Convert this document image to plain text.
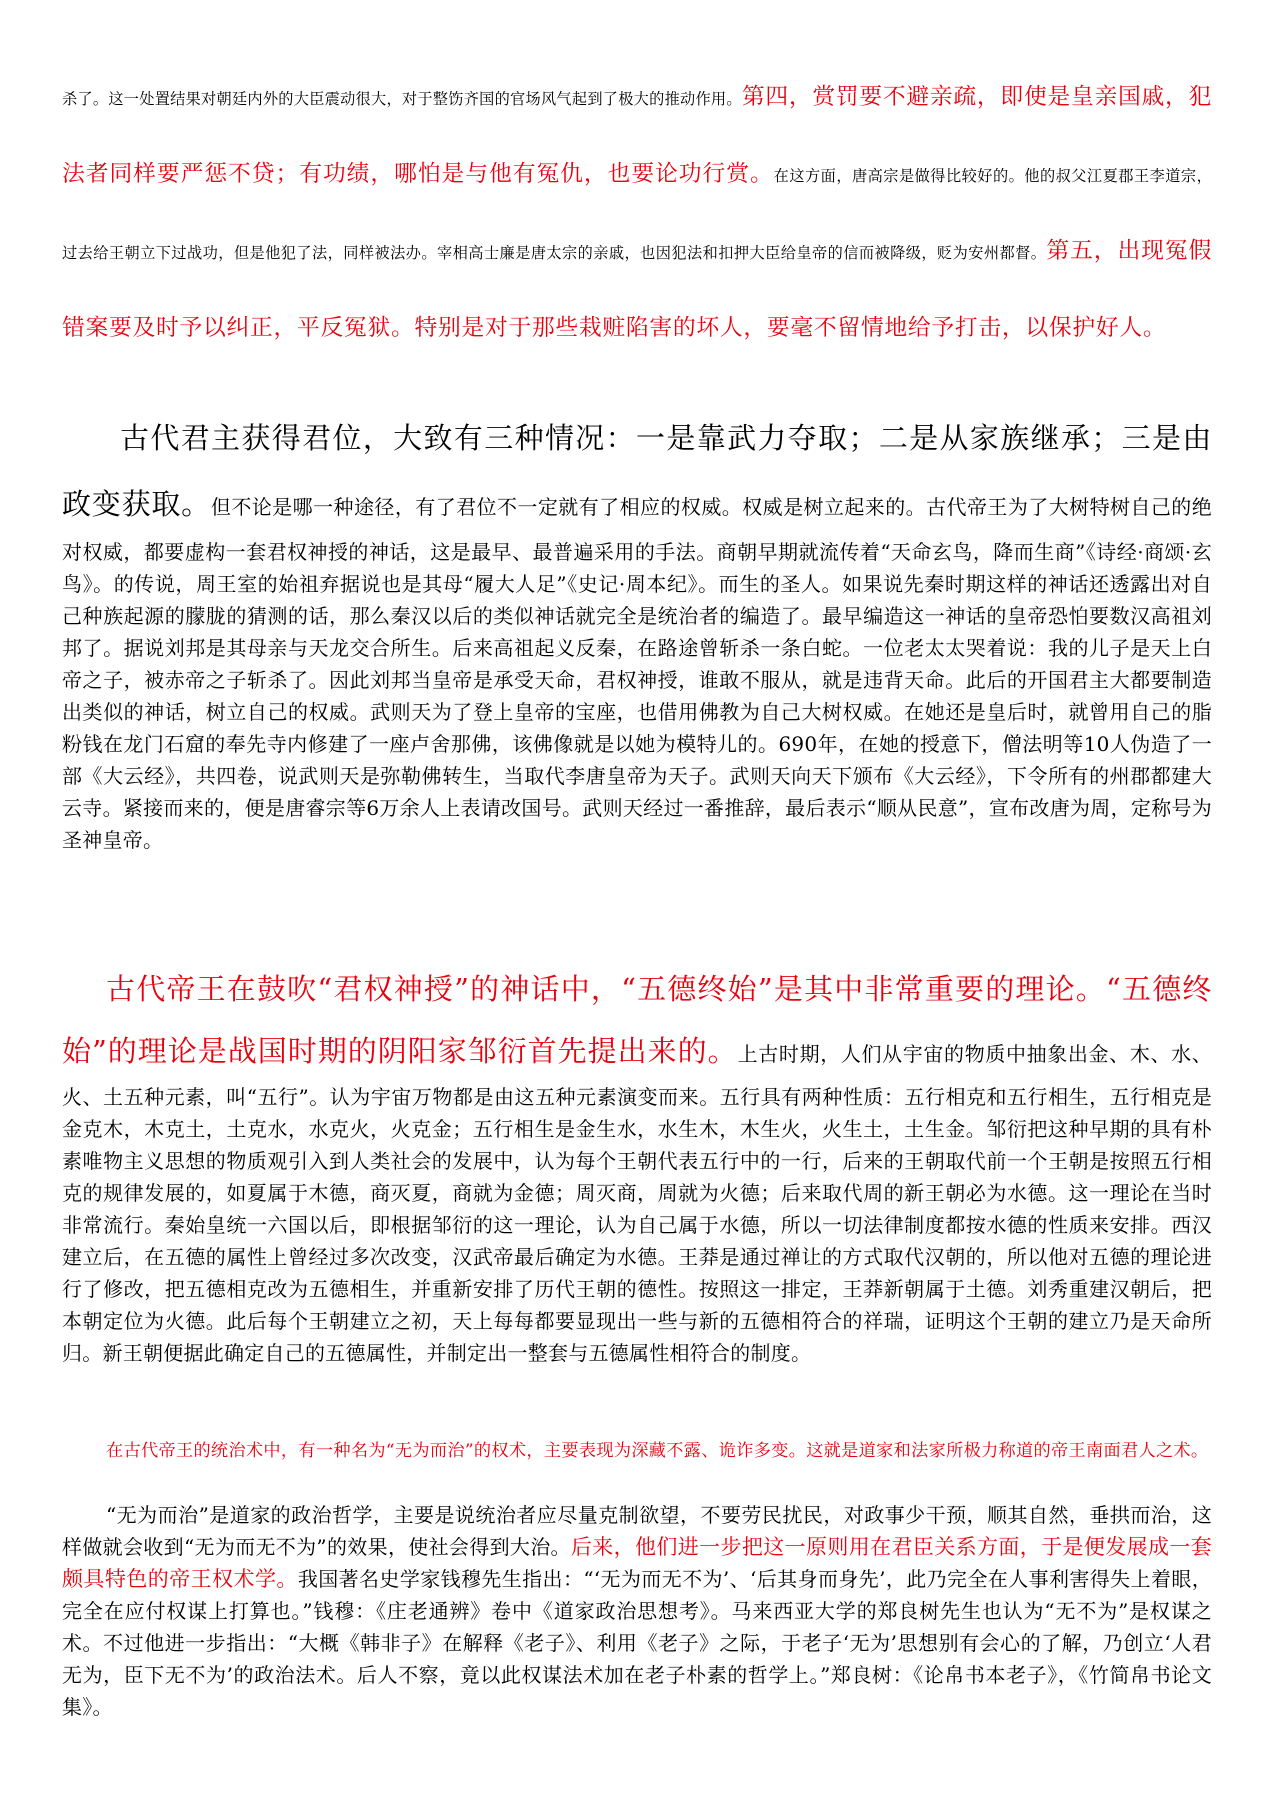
杀了。这一处置结果对朝廷内外的大臣震动很大，对于整饬齐国的官场风气起到了极大的推动作用。第四，赏罚要不避亲疏，即使是皇亲国戚，犯法者同样要严惩不贷；有功绩，哪怕是与他有冤仇，也要论功行赏。在这方面，唐高宗是做得比较好的。他的叔父江夏郡王李道宗，过去给王朝立下过战功，但是他犯了法，同样被法办。宰相高士廉是唐太宗的亲戚，也因犯法和扣押大臣给皇帝的信而被降级，贬为安州都督。第五，出现冤假错案要及时予以纠正，平反冤狱。特别是对于那些栽赃陷害的坏人，要毫不留情地给予打击，以保护好人。

古代君主获得君位，大致有三种情况：一是靠武力夺取；二是从家族继承；三是由政变获取。但不论是哪一种途径，有了君位不一定就有了相应的权威。权威是树立起来的。古代帝王为了大树特树自己的绝对权威，都要虚构一套君权神授的神话，这是最早、最普遍采用的手法。商朝早期就流传着“天命玄鸟，降而生商”《诗经·商颂·玄鸟》。的传说，周王室的始祖弃据说也是其母“履大人足”《史记·周本纪》。而生的圣人。如果说先秦时期这样的神话还透露出对自己种族起源的朦胧的猜测的话，那么秦汉以后的类似神话就完全是统治者的编造了。最早编造这一神话的皇帝恐怕要数汉高祖刘邦了。据说刘邦是其母亲与天龙交合所生。后来高祖起义反秦，在路途曾斩杀一条白蛇。一位老太太哭着说：我的儿子是天上白帝之子，被赤帝之子斩杀了。因此刘邦当皇帝是承受天命，君权神授，谁敢不服从，就是违背天命。此后的开国君主大都要制造出类似的神话，树立自己的权威。武则天为了登上皇帝的宝座，也借用佛教为自己大树权威。在她还是皇后时，就曾用自己的脂粉钱在龙门石窟的奉先寺内修建了一座卢舍那佛，该佛像就是以她为模特儿的。690年，在她的授意下，僧法明等10人伪造了一部《大云经》，共四卷，说武则天是弥勒佛转生，当取代李唐皇帝为天子。武则天向天下颁布《大云经》，下令所有的州郡都建大云寺。紧接而来的，便是唐睿宗等6万余人上表请改国号。武则天经过一番推辞，最后表示“顺从民意”，宣布改唐为周，定称号为圣神皇帝。

古代帝王在鼓吹“君权神授”的神话中，“五德终始”是其中非常重要的理论。“五德终始”的理论是战国时期的阴阳家邹衍首先提出来的。上古时期，人们从宇宙的物质中抽象出金、木、水、火、土五种元素，叫“五行”。认为宇宙万物都是由这五种元素演变而来。五行具有两种性质：五行相克和五行相生，五行相克是金克木，木克土，土克水，水克火，火克金；五行相生是金生水，水生木，木生火，火生土，土生金。邹衍把这种早期的具有朴素唯物主义思想的物质观引入到人类社会的发展中，认为每个王朝代表五行中的一行，后来的王朝取代前一个王朝是按照五行相克的规律发展的，如夏属于木德，商灭夏，商就为金德；周灭商，周就为火德；后来取代周的新王朝必为水德。这一理论在当时非常流行。秦始皇统一六国以后，即根据邹衍的这一理论，认为自己属于水德，所以一切法律制度都按水德的性质来安排。西汉建立后，在五德的属性上曾经过多次改变，汉武帝最后确定为水德。王莽是通过禅让的方式取代汉朝的，所以他对五德的理论进行了修改，把五德相克改为五德相生，并重新安排了历代王朝的德性。按照这一排定，王莽新朝属于土德。刘秀重建汉朝后，把本朝定位为火德。此后每个王朝建立之初，天上每每都要显现出一些与新的五德相符合的祥瑞，证明这个王朝的建立乃是天命所归。新王朝便据此确定自己的五德属性，并制定出一整套与五德属性相符合的制度。

在古代帝王的统治术中，有一种名为“无为而治”的权术，主要表现为深藏不露、诡诈多变。这就是道家和法家所极力称道的帝王南面君人之术。

“无为而治”是道家的政治哲学，主要是说统治者应尽量克制欲望，不要劳民扰民，对政事少干预，顺其自然，垂拱而治，这样做就会收到“无为而无不为”的效果，使社会得到大治。后来，他们进一步把这一原则用在君臣关系方面，于是便发展成一套颇具特色的帝王权术学。我国著名史学家钱穆先生指出：“‘无为而无不为’、‘后其身而身先’，此乃完全在人事利害得失上着眼，完全在应付权谋上打算也。”钱穆：《庄老通辨》卷中《道家政治思想考》。马来西亚大学的郑良树先生也认为“无不为”是权谋之术。不过他进一步指出：“大概《韩非子》在解释《老子》、利用《老子》之际，于老子‘无为’思想别有会心的了解，乃创立‘人君无为，臣下无不为’的政治法术。后人不察，竟以此权谋法术加在老子朴素的哲学上。”郑良树：《论帛书本老子》，《竹简帛书论文集》。
